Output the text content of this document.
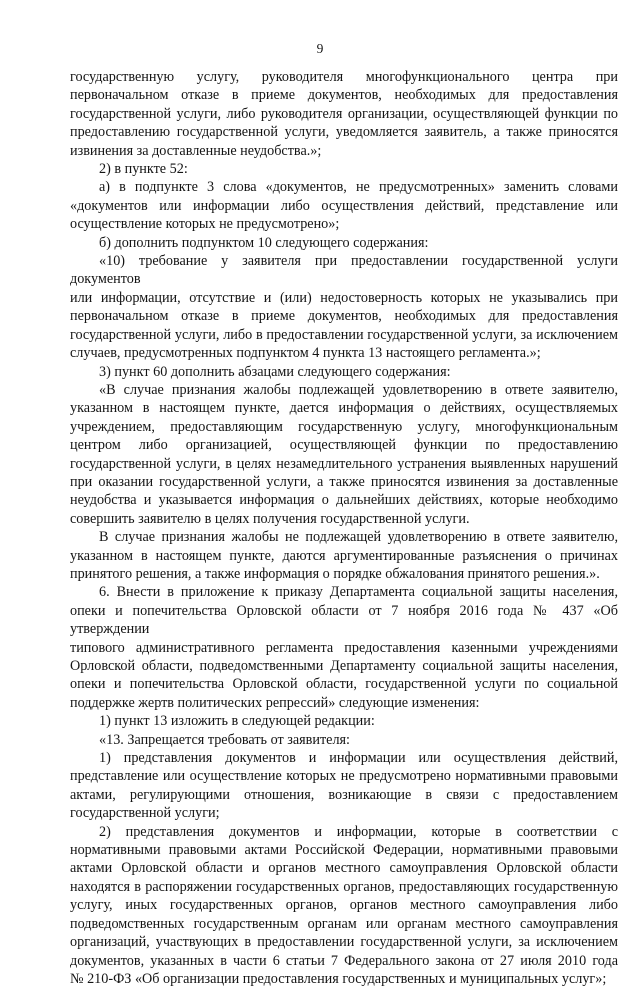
9

государственную услугу, руководителя многофункционального центра при

первоначальном отказе в приеме документов, необходимых для предоставления

государственной услуги, либо руководителя организации, осуществляющей функции по

предоставлению государственной услуги, уведомляется заявитель, а также приносятся

извинения за доставленные неудобства.»;

2) в пункте 52:

а) в подпункте 3 слова «документов, не предусмотренных» заменить словами

«документов или информации либо осуществления действий, представление или

осуществление которых не предусмотрено»;

б) дополнить подпунктом 10 следующего содержания:

«10) требование у заявителя при предоставлении государственной услуги документов

или информации, отсутствие и (или) недостоверность которых не указывались при

первоначальном отказе в приеме документов, необходимых для предоставления

государственной услуги, либо в предоставлении государственной услуги, за исключением

случаев, предусмотренных подпунктом 4 пункта 13 настоящего регламента.»;

3) пункт 60 дополнить абзацами следующего содержания:

«В случае признания жалобы подлежащей удовлетворению в ответе заявителю,

указанном в настоящем пункте, дается информация о действиях, осуществляемых

учреждением, предоставляющим государственную услугу, многофункциональным

центром либо организацией, осуществляющей функции по предоставлению

государственной услуги, в целях незамедлительного устранения выявленных нарушений

при оказании государственной услуги, а также приносятся извинения за доставленные

неудобства и указывается информация о дальнейших действиях, которые необходимо

совершить заявителю в целях получения государственной услуги.

В случае признания жалобы не подлежащей удовлетворению в ответе заявителю,

указанном в настоящем пункте, даются аргументированные разъяснения о причинах

принятого решения, а также информация о порядке обжалования принятого решения.».

6. Внести в приложение к приказу Департамента социальной защиты населения,

опеки и попечительства Орловской области от 7 ноября 2016 года № 437 «Об утверждении

типового административного регламента предоставления казенными учреждениями

Орловской области, подведомственными Департаменту социальной защиты населения,

опеки и попечительства Орловской области, государственной услуги по социальной

поддержке жертв политических репрессий» следующие изменения:

1) пункт 13 изложить в следующей редакции:

«13. Запрещается требовать от заявителя:

1) представления документов и информации или осуществления действий,

представление или осуществление которых не предусмотрено нормативными правовыми

актами, регулирующими отношения, возникающие в связи с предоставлением

государственной услуги;

2) представления документов и информации, которые в соответствии с

нормативными правовыми актами Российской Федерации, нормативными правовыми

актами Орловской области и органов местного самоуправления Орловской области

находятся в распоряжении государственных органов, предоставляющих государственную

услугу, иных государственных органов, органов местного самоуправления либо

подведомственных государственным органам или органам местного самоуправления

организаций, участвующих в предоставлении государственной услуги, за исключением

документов, указанных в части 6 статьи 7 Федерального закона от 27 июля 2010 года

№ 210-ФЗ «Об организации предоставления государственных и муниципальных услуг»;
